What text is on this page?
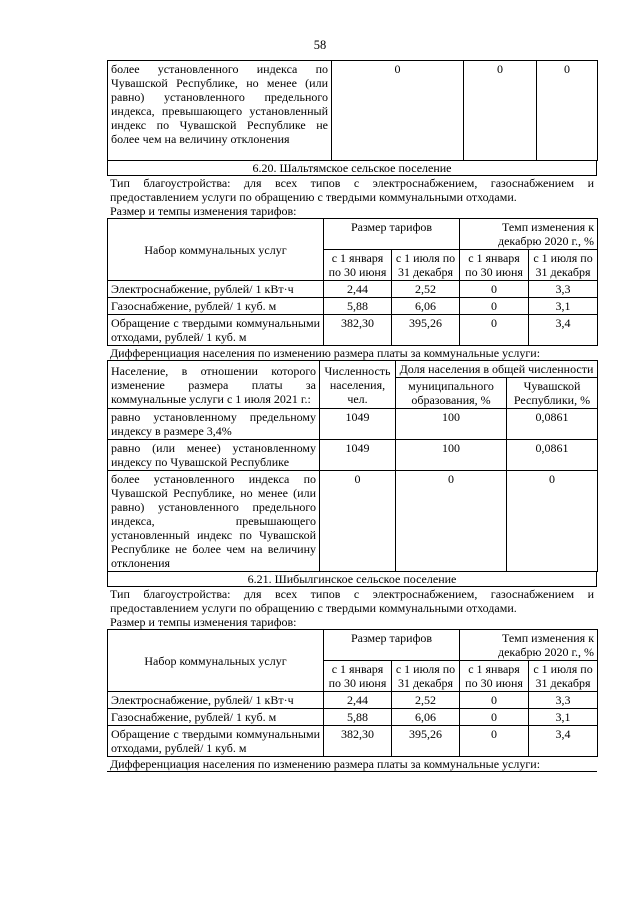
58
более установленного индекса по Чувашской Республике, но менее (или равно) установленного предельного индекса, превышающего установленный индекс по Чувашской Республике не более чем на величину отклонения	0	0	0
6.20. Шальтямское сельское поселение
Тип благоустройства: для всех типов с электроснабжением, газоснабжением и предоставлением услуги по обращению с твердыми коммунальными отходами.
Размер и темпы изменения тарифов:
Набор коммунальных услуг	Размер тарифов		Темп изменения к декабрю 2020 г., %	
	с 1 января по 30 июня	с 1 июля по 31 декабря	с 1 января по 30 июня	с 1 июля по 31 декабря
Электроснабжение, рублей/ 1 кВт·ч	2,44	2,52	0	3,3
Газоснабжение, рублей/ 1 куб. м	5,88	6,06	0	3,1
Обращение с твердыми коммунальными отходами, рублей/ 1 куб. м	382,30	395,26	0	3,4
Дифференциация населения по изменению размера платы за коммунальные услуги:
Население, в отношении которого изменение размера платы за коммунальные услуги с 1 июля 2021 г.:	Численность населения, чел.	Доля населения в общей численности	
		муниципального образования, %	Чувашской Республики, %
равно установленному предельному индексу в размере 3,4%	1049	100	0,0861
равно (или менее) установленному индексу по Чувашской Республике	1049	100	0,0861
более установленного индекса по Чувашской Республике, но менее (или равно) установленного предельного индекса, превышающего установленный индекс по Чувашской Республике не более чем на величину отклонения	0	0	0
6.21. Шибылгинское сельское поселение
Тип благоустройства: для всех типов с электроснабжением, газоснабжением и предоставлением услуги по обращению с твердыми коммунальными отходами.
Размер и темпы изменения тарифов:
Набор коммунальных услуг	Размер тарифов		Темп изменения к декабрю 2020 г., %	
	с 1 января по 30 июня	с 1 июля по 31 декабря	с 1 января по 30 июня	с 1 июля по 31 декабря
Электроснабжение, рублей/ 1 кВт·ч	2,44	2,52	0	3,3
Газоснабжение, рублей/ 1 куб. м	5,88	6,06	0	3,1
Обращение с твердыми коммунальными отходами, рублей/ 1 куб. м	382,30	395,26	0	3,4
Дифференциация населения по изменению размера платы за коммунальные услуги:
